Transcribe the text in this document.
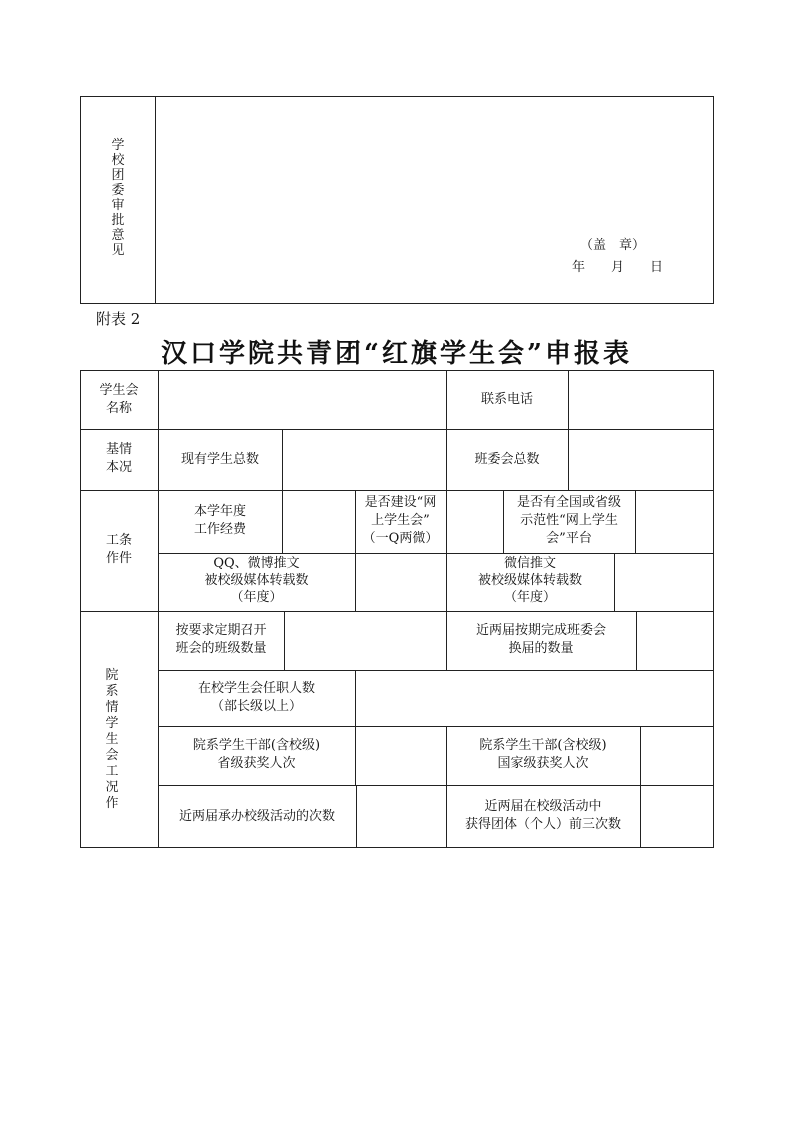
学校团委审批意见	（盖　章）
年　　月　　日
附表 2
汉口学院共青团“红旗学生会”申报表
学生会
名称
联系电话
基情
本况
现有学生总数	班委会总数
工条
作件
本学年度
工作经费
是否建设“网
上学生会”
（一Q两微）
是否有全国或省级
示范性“网上学生
会”平台
QQ、微博推文
被校级媒体转载数
（年度）
微信推文
被校级媒体转载数
（年度）
院系情学生会工况作
按要求定期召开
班会的班级数量
近两届按期完成班委会
换届的数量
在校学生会任职人数
（部长级以上）
院系学生干部(含校级)
省级获奖人次
院系学生干部(含校级)
国家级获奖人次
近两届承办校级活动的次数
近两届在校级活动中
获得团体（个人）前三次数
